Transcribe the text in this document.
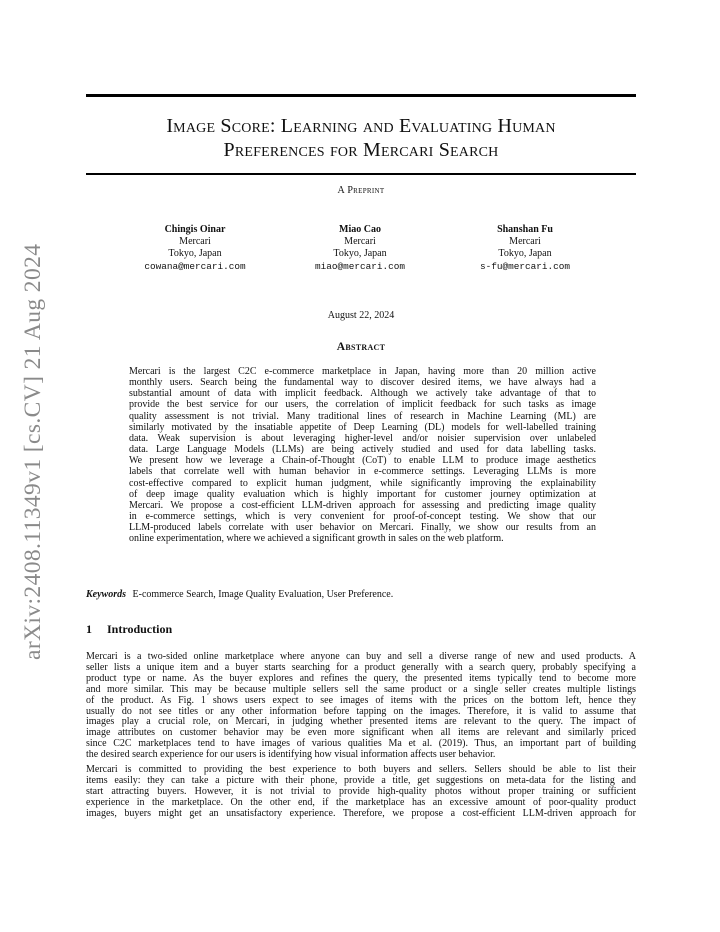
arXiv:2408.11349v1 [cs.CV] 21 Aug 2024
Image Score: Learning and Evaluating Human
Preferences for Mercari Search
A Preprint
Chingis Oinar
Mercari
Tokyo, Japan
cowana@mercari.com
Miao Cao
Mercari
Tokyo, Japan
miao@mercari.com
Shanshan Fu
Mercari
Tokyo, Japan
s-fu@mercari.com
August 22, 2024
Abstract
Mercari is the largest C2C e-commerce marketplace in Japan, having more than 20 million active
monthly users. Search being the fundamental way to discover desired items, we have always had a
substantial amount of data with implicit feedback. Although we actively take advantage of that to
provide the best service for our users, the correlation of implicit feedback for such tasks as image
quality assessment is not trivial. Many traditional lines of research in Machine Learning (ML) are
similarly motivated by the insatiable appetite of Deep Learning (DL) models for well-labelled training
data. Weak supervision is about leveraging higher-level and/or noisier supervision over unlabeled
data. Large Language Models (LLMs) are being actively studied and used for data labelling tasks.
We present how we leverage a Chain-of-Thought (CoT) to enable LLM to produce image aesthetics
labels that correlate well with human behavior in e-commerce settings. Leveraging LLMs is more
cost-effective compared to explicit human judgment, while significantly improving the explainability
of deep image quality evaluation which is highly important for customer journey optimization at
Mercari. We propose a cost-efficient LLM-driven approach for assessing and predicting image quality
in e-commerce settings, which is very convenient for proof-of-concept testing. We show that our
LLM-produced labels correlate with user behavior on Mercari. Finally, we show our results from an
online experimentation, where we achieved a significant growth in sales on the web platform.
Keywords E-commerce Search, Image Quality Evaluation, User Preference.
1 Introduction
Mercari is a two-sided online marketplace where anyone can buy and sell a diverse range of new and used products. A
seller lists a unique item and a buyer starts searching for a product generally with a search query, probably specifying a
product type or name. As the buyer explores and refines the query, the presented items typically tend to become more
and more similar. This may be because multiple sellers sell the same product or a single seller creates multiple listings
of the product. As Fig. 1 shows users expect to see images of items with the prices on the bottom left, hence they
usually do not see titles or any other information before tapping on the images. Therefore, it is valid to assume that
images play a crucial role, on Mercari, in judging whether presented items are relevant to the query. The impact of
image attributes on customer behavior may be even more significant when all items are relevant and similarly priced
since C2C marketplaces tend to have images of various qualities Ma et al. (2019). Thus, an important part of building
the desired search experience for our users is identifying how visual information affects user behavior.
Mercari is committed to providing the best experience to both buyers and sellers. Sellers should be able to list their
items easily: they can take a picture with their phone, provide a title, get suggestions on meta-data for the listing and
start attracting buyers. However, it is not trivial to provide high-quality photos without proper training or sufficient
experience in the marketplace. On the other end, if the marketplace has an excessive amount of poor-quality product
images, buyers might get an unsatisfactory experience. Therefore, we propose a cost-efficient LLM-driven approach for
